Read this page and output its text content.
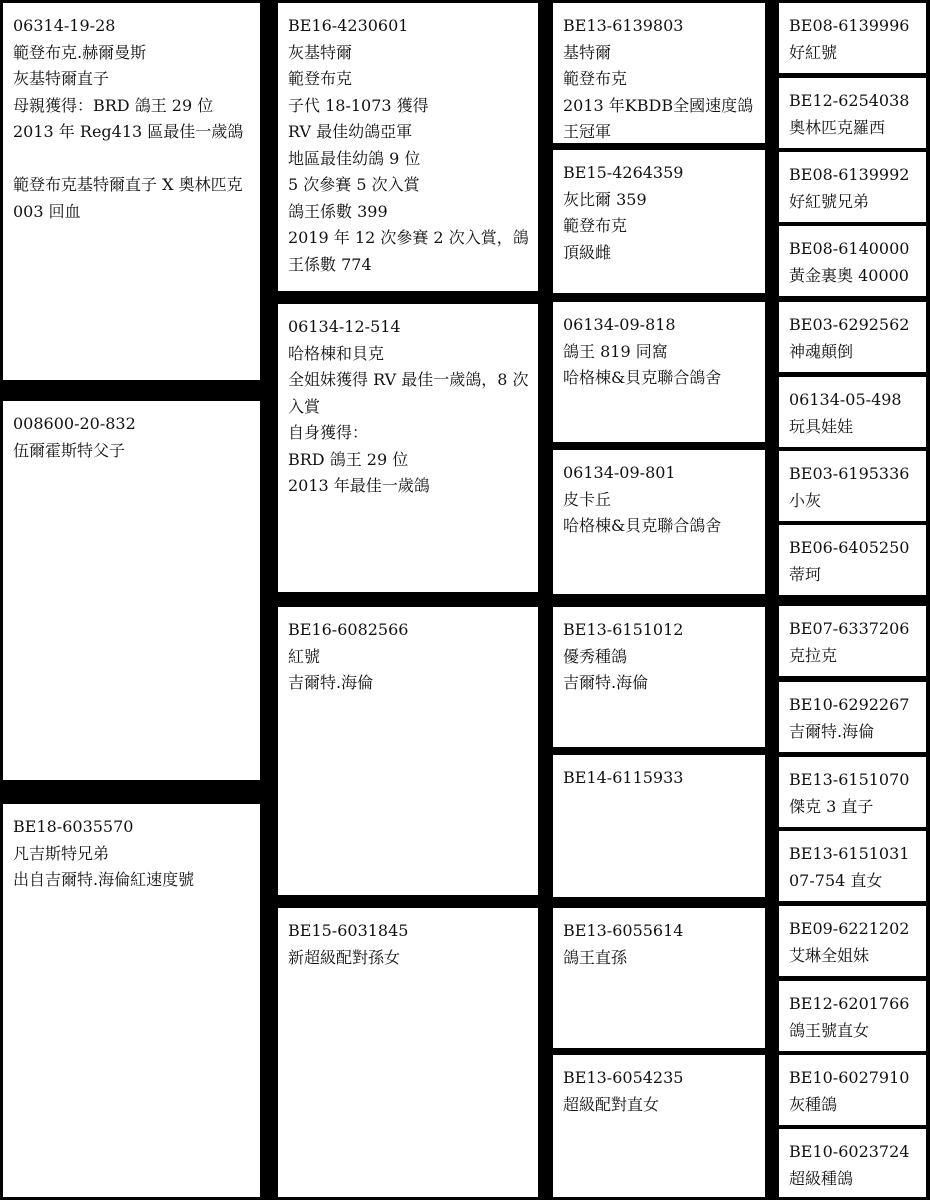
06314-19-28
範登布克.赫爾曼斯
灰基特爾直子
母親獲得：BRD 鴿王 29 位
2013 年 Reg413 區最佳一歲鴿
範登布克基特爾直子 X 奧林匹克 003 回血
008600-20-832
伍爾霍斯特父子
BE18-6035570
凡吉斯特兄弟
出自吉爾特.海倫紅速度號
BE16-4230601
灰基特爾
範登布克
子代 18-1073 獲得
RV 最佳幼鴿亞軍
地區最佳幼鴿 9 位
5 次參賽 5 次入賞
鴿王係數 399
2019 年 12 次參賽 2 次入賞，鴿王係數 774
06134-12-514
哈格棟和貝克
全姐妹獲得 RV 最佳一歲鴿，8 次入賞
自身獲得：
BRD 鴿王 29 位
2013 年最佳一歲鴿
BE16-6082566
紅號
吉爾特.海倫
BE15-6031845
新超級配對孫女
BE13-6139803
基特爾
範登布克
2013 年KBDB全國速度鴿王冠軍
BE15-4264359
灰比爾 359
範登布克
頂級雌
06134-09-818
鴿王 819 同窩
哈格棟&貝克聯合鴿舍
06134-09-801
皮卡丘
哈格棟&貝克聯合鴿舍
BE13-6151012
優秀種鴿
吉爾特.海倫
BE14-6115933
BE13-6055614
鴿王直孫
BE13-6054235
超級配對直女
BE08-6139996
好紅號
BE12-6254038
奧林匹克羅西
BE08-6139992
好紅號兄弟
BE08-6140000
黃金裏奧 40000
BE03-6292562
神魂顛倒
06134-05-498
玩具娃娃
BE03-6195336
小灰
BE06-6405250
蒂珂
BE07-6337206
克拉克
BE10-6292267
吉爾特.海倫
BE13-6151070
傑克 3 直子
BE13-6151031
07-754 直女
BE09-6221202
艾琳全姐妹
BE12-6201766
鴿王號直女
BE10-6027910
灰種鴿
BE10-6023724
超級種鴿
